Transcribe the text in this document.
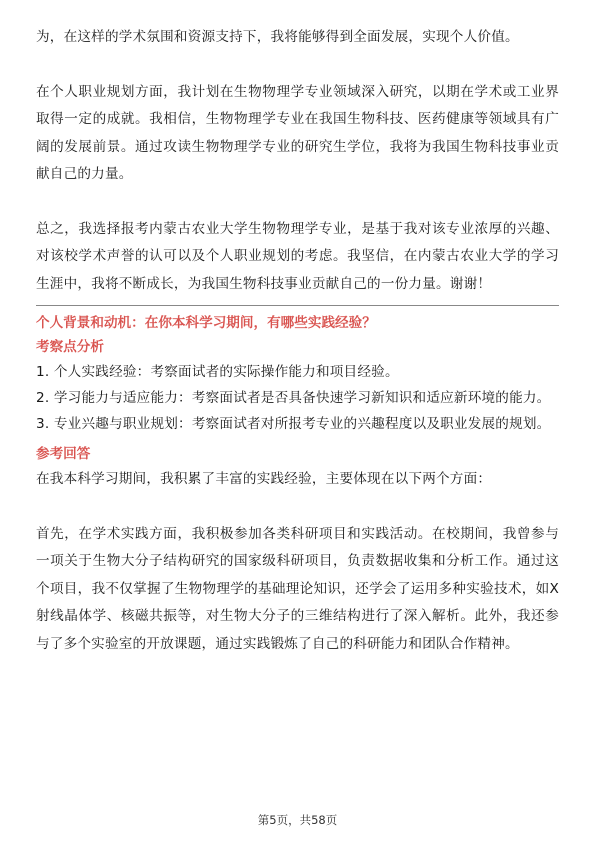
为，在这样的学术氛围和资源支持下，我将能够得到全面发展，实现个人价值。

在个人职业规划方面，我计划在生物物理学专业领域深入研究，以期在学术或工业界取得一定的成就。我相信，生物物理学专业在我国生物科技、医药健康等领域具有广阔的发展前景。通过攻读生物物理学专业的研究生学位，我将为我国生物科技事业贡献自己的力量。

总之，我选择报考内蒙古农业大学生物物理学专业，是基于我对该专业浓厚的兴趣、对该校学术声誉的认可以及个人职业规划的考虑。我坚信，在内蒙古农业大学的学习生涯中，我将不断成长，为我国生物科技事业贡献自己的一份力量。谢谢！

个人背景和动机：在你本科学习期间，有哪些实践经验？
考察点分析

1. 个人实践经验：考察面试者的实际操作能力和项目经验。

2. 学习能力与适应能力：考察面试者是否具备快速学习新知识和适应新环境的能力。

3. 专业兴趣与职业规划：考察面试者对所报考专业的兴趣程度以及职业发展的规划。

参考回答

在我本科学习期间，我积累了丰富的实践经验，主要体现在以下两个方面：

首先，在学术实践方面，我积极参加各类科研项目和实践活动。在校期间，我曾参与一项关于生物大分子结构研究的国家级科研项目，负责数据收集和分析工作。通过这个项目，我不仅掌握了生物物理学的基础理论知识，还学会了运用多种实验技术，如X射线晶体学、核磁共振等，对生物大分子的三维结构进行了深入解析。此外，我还参与了多个实验室的开放课题，通过实践锻炼了自己的科研能力和团队合作精神。

第5页，共58页
